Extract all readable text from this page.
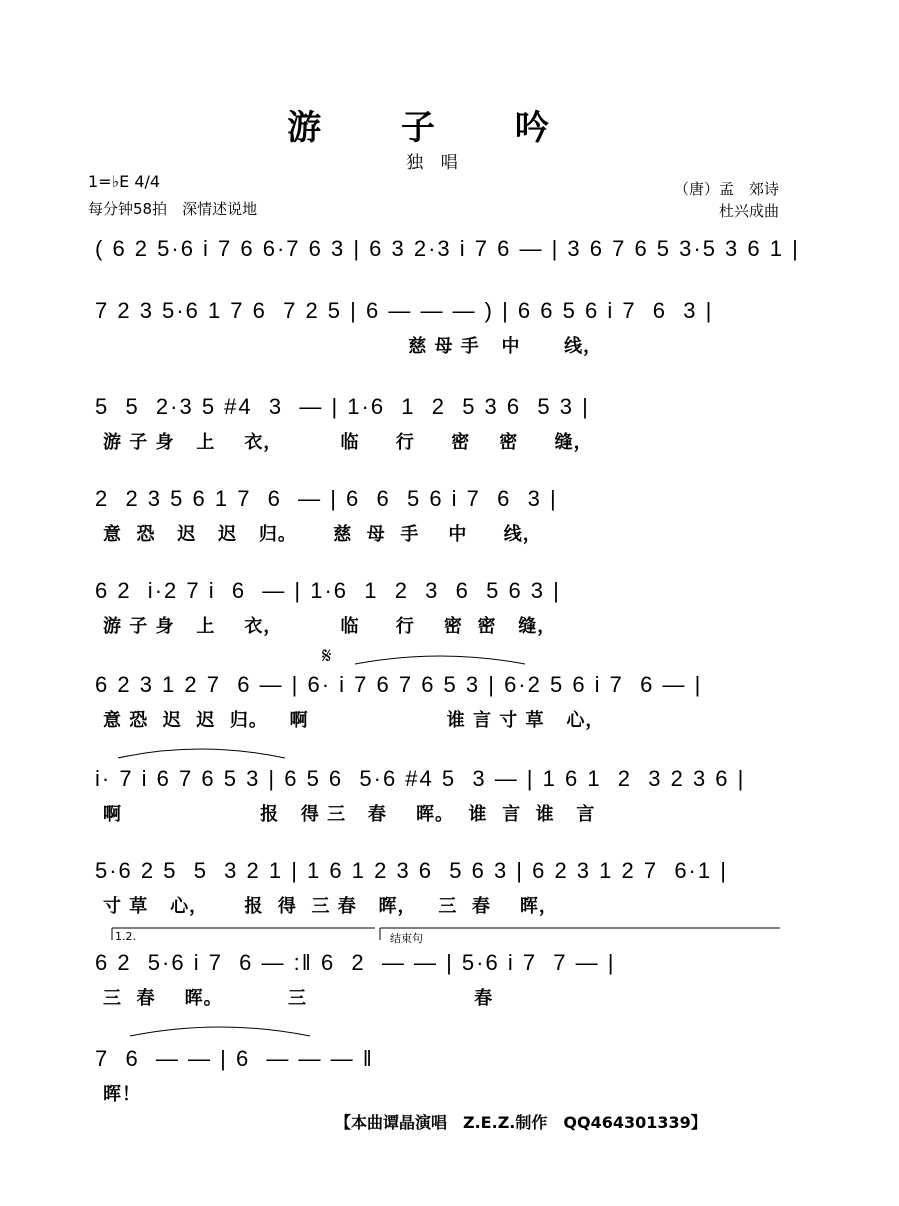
游 子 吟
独 唱
1=♭E 4/4
每分钟58拍　深情述说地
（唐）孟　郊诗
杜兴成曲
( 6 2 5·6 i 7 6 6·7 6 3 | 6 3 2·3 i 7 6 — | 3 6 7 6 5 3·5 3 6 1 |
7 2 3 5·6 1 7 6  7 2 5 | 6 — — — ) | 6 6 5 6 i 7  6  3 |
慈 母 手   中      线，
5  5  2·3 5 #4  3  — | 1·6  1  2  5 3 6  5 3 |
游 子 身   上    衣，        临     行     密    密     缝，
2  2 3 5 6 1 7  6  — | 6  6  5 6 i 7  6  3 |
意  恐   迟   迟   归。     慈  母  手    中     线，
6 2  i·2 7 i  6  — | 1·6  1  2  3  6  5 6 3 |
游 子 身   上    衣，        临     行    密  密   缝，
6 2 3 1 2 7  6 — | 6· i 7 6 7 6 5 3 | 6·2 5 6 i 7  6 — |
意 恐  迟  迟  归。   啊                   谁 言 寸 草   心，
i· 7 i 6 7 6 5 3 | 6 5 6  5·6 #4 5  3 — | 1 6 1  2  3 2 3 6 |
啊                   报   得 三   春    晖。  谁  言  谁   言
5·6 2 5  5  3 2 1 | 1 6 1 2 3 6  5 6 3 | 6 2 3 1 2 7  6·1 |
寸 草   心，     报  得  三 春   晖，   三  春    晖，
6 2  5·6 i 7  6 — :‖ 6  2  — — | 5·6 i 7  7 — |
三  春    晖。         三                       春
7  6  — — | 6  — — — ‖
晖！
1.2.	结束句
𝄋
【本曲谭晶演唱　Z.E.Z.制作　QQ464301339】
